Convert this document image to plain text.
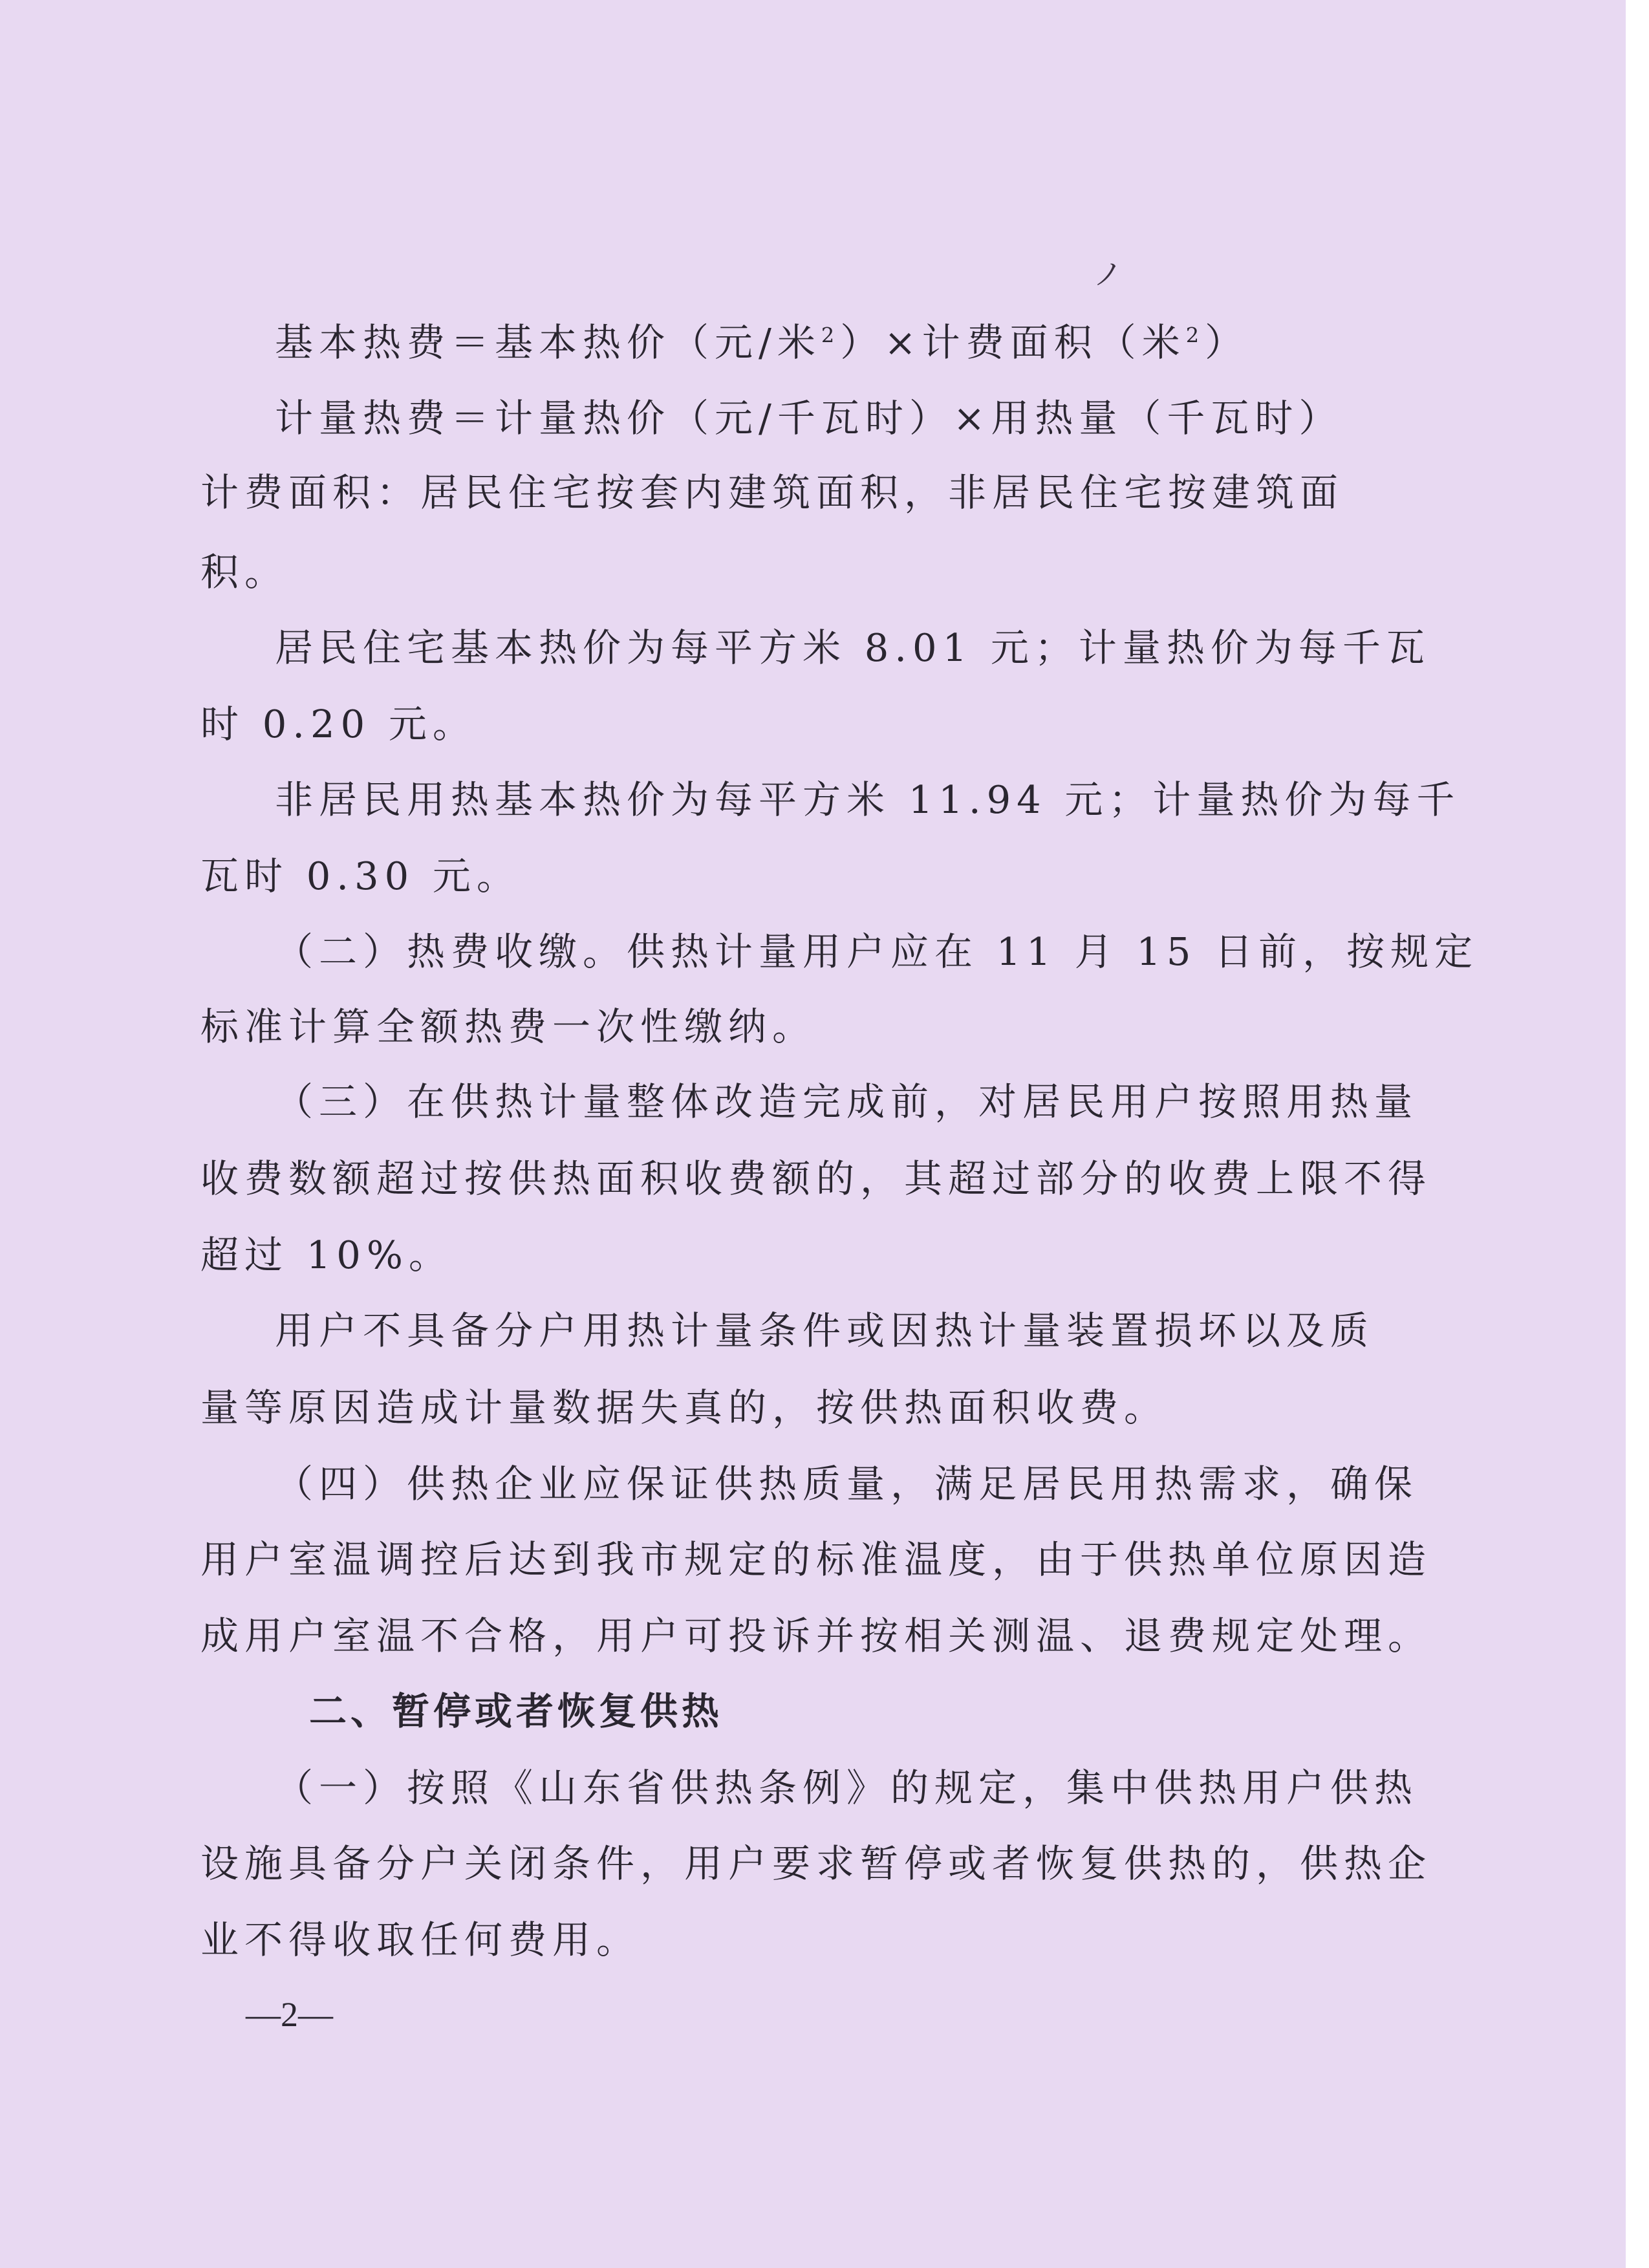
ノ
基本热费＝基本热价（元/米$^2$）×计费面积（米$^2$）
计量热费＝计量热价（元/千瓦时）×用热量（千瓦时）
计费面积：居民住宅按套内建筑面积，非居民住宅按建筑面
积。
居民住宅基本热价为每平方米 8.01 元；计量热价为每千瓦
时 0.20 元。
非居民用热基本热价为每平方米 11.94 元；计量热价为每千
瓦时 0.30 元。
（二）热费收缴。供热计量用户应在 11 月 15 日前，按规定
标准计算全额热费一次性缴纳。
（三）在供热计量整体改造完成前，对居民用户按照用热量
收费数额超过按供热面积收费额的，其超过部分的收费上限不得
超过 10%。
用户不具备分户用热计量条件或因热计量装置损坏以及质
量等原因造成计量数据失真的，按供热面积收费。
（四）供热企业应保证供热质量，满足居民用热需求，确保
用户室温调控后达到我市规定的标准温度，由于供热单位原因造
成用户室温不合格，用户可投诉并按相关测温、退费规定处理。
二、暂停或者恢复供热
（一）按照《山东省供热条例》的规定，集中供热用户供热
设施具备分户关闭条件，用户要求暂停或者恢复供热的，供热企
业不得收取任何费用。
—2—
